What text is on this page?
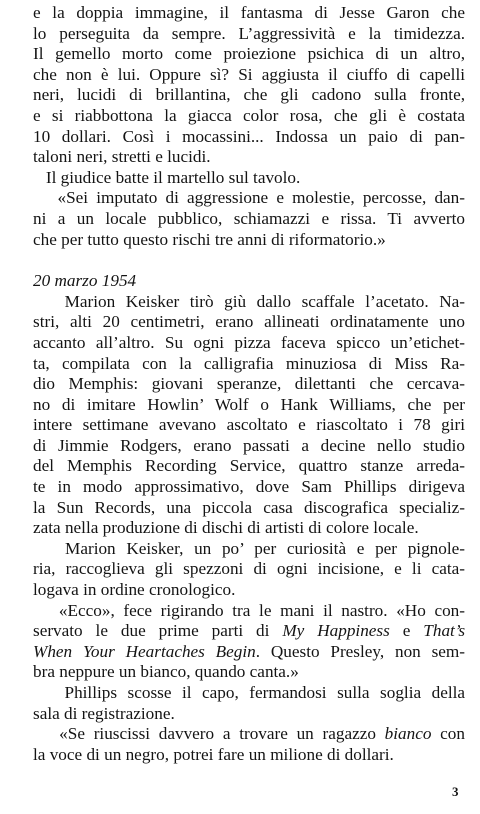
e la doppia immagine, il fantasma di Jesse Garon che
lo perseguita da sempre. L’aggressività e la timidezza.
Il gemello morto come proiezione psichica di un altro,
che non è lui. Oppure sì? Si aggiusta il ciuffo di capelli
neri, lucidi di brillantina, che gli cadono sulla fronte,
e si riabbottona la giacca color rosa, che gli è costata
10 dollari. Così i mocassini... Indossa un paio di pan-
taloni neri, stretti e lucidi.
Il giudice batte il martello sul tavolo.
«Sei imputato di aggressione e molestie, percosse, dan-
ni a un locale pubblico, schiamazzi e rissa. Ti avverto
che per tutto questo rischi tre anni di riformatorio.»
20 marzo 1954
Marion Keisker tirò giù dallo scaffale l’acetato. Na-
stri, alti 20 centimetri, erano allineati ordinatamente uno
accanto all’altro. Su ogni pizza faceva spicco un’etichet-
ta, compilata con la calligrafia minuziosa di Miss Ra-
dio Memphis: giovani speranze, dilettanti che cercava-
no di imitare Howlin’ Wolf o Hank Williams, che per
intere settimane avevano ascoltato e riascoltato i 78 giri
di Jimmie Rodgers, erano passati a decine nello studio
del Memphis Recording Service, quattro stanze arreda-
te in modo approssimativo, dove Sam Phillips dirigeva
la Sun Records, una piccola casa discografica specializ-
zata nella produzione di dischi di artisti di colore locale.
Marion Keisker, un po’ per curiosità e per pignole-
ria, raccoglieva gli spezzoni di ogni incisione, e li cata-
logava in ordine cronologico.
«Ecco», fece rigirando tra le mani il nastro. «Ho con-
servato le due prime parti di My Happiness e That’s
When Your Heartaches Begin. Questo Presley, non sem-
bra neppure un bianco, quando canta.»
Phillips scosse il capo, fermandosi sulla soglia della
sala di registrazione.
«Se riuscissi davvero a trovare un ragazzo bianco con
la voce di un negro, potrei fare un milione di dollari.
3
